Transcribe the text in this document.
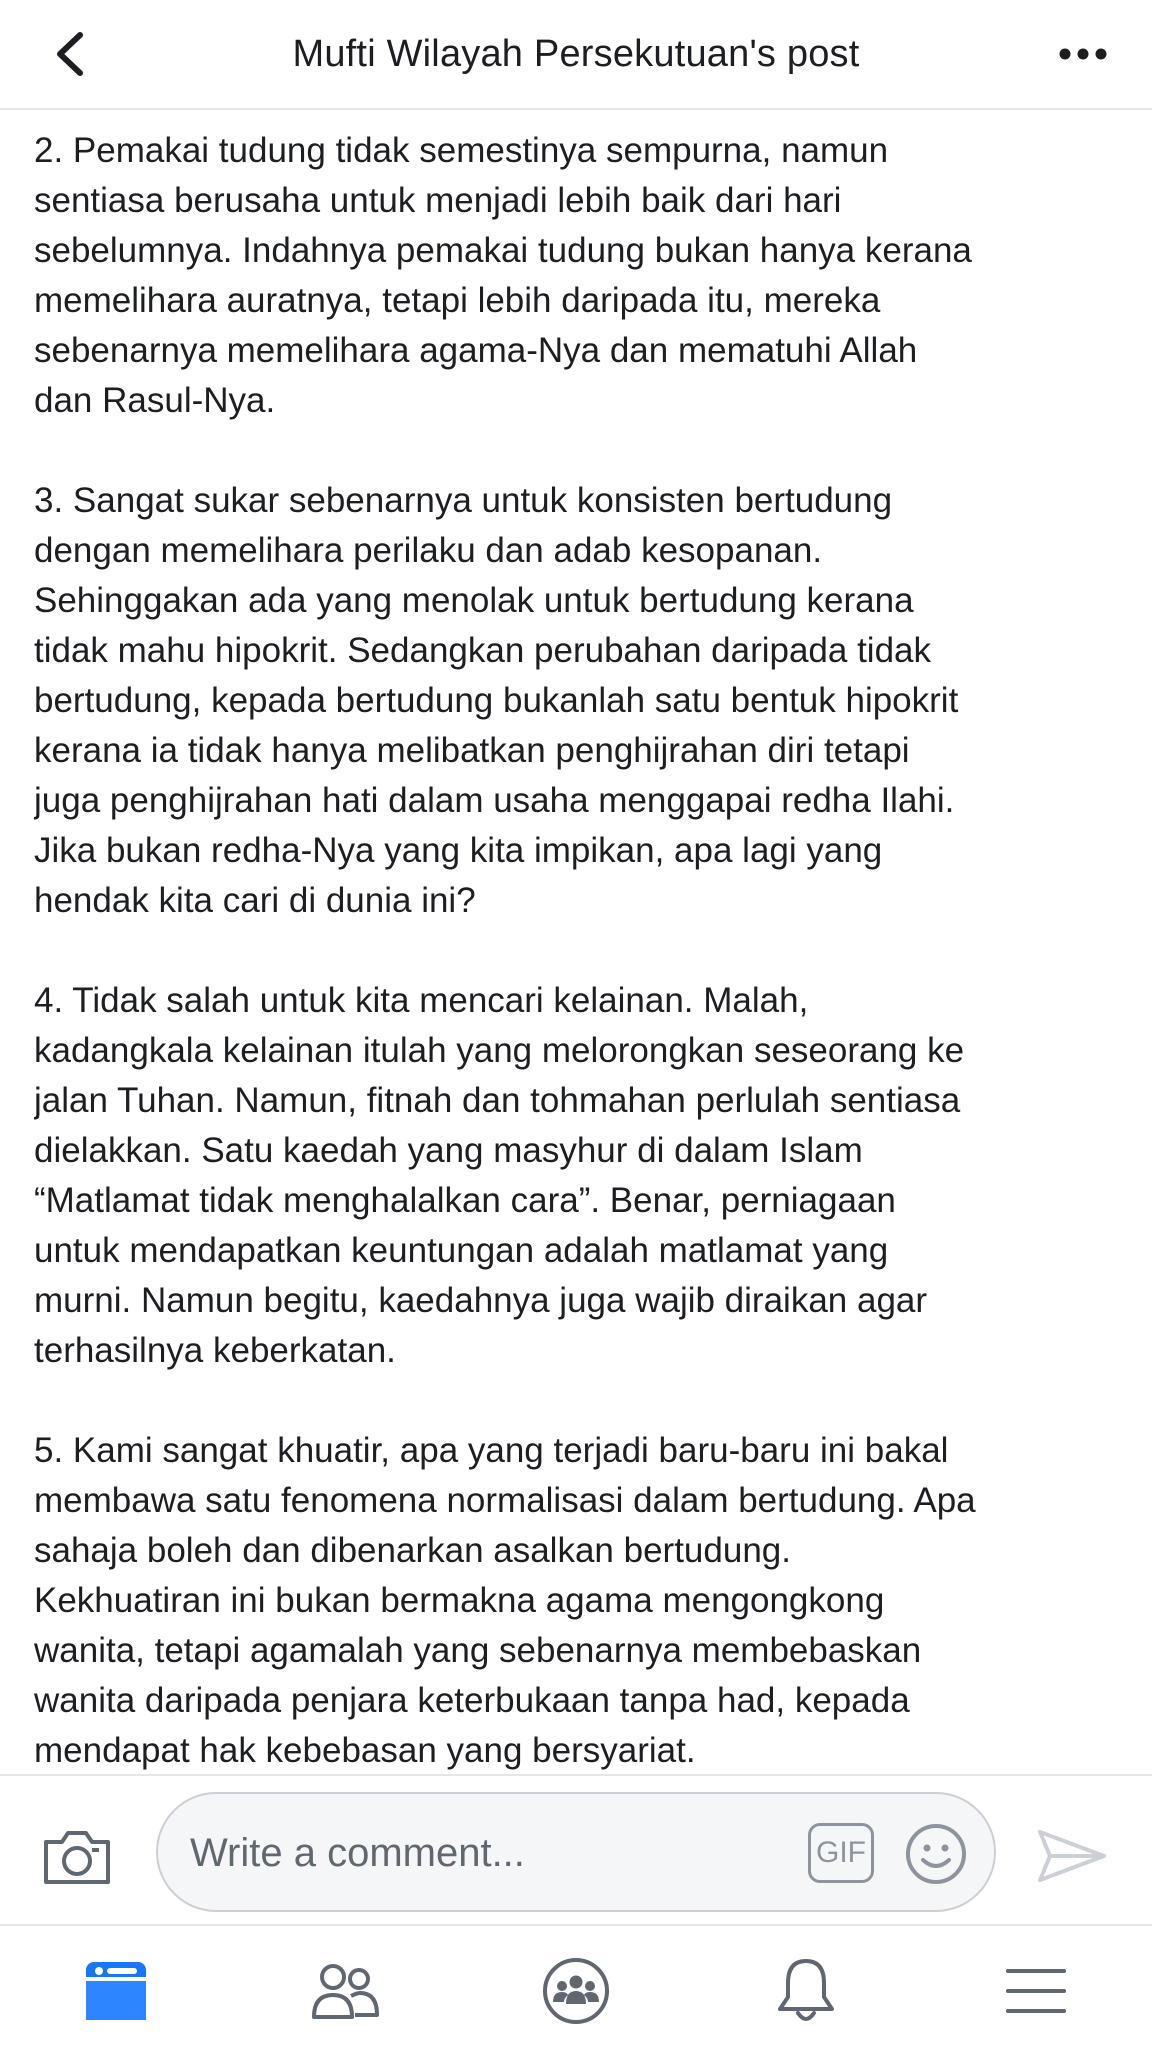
Mufti Wilayah Persekutuan's post

2. Pemakai tudung tidak semestinya sempurna, namun
sentiasa berusaha untuk menjadi lebih baik dari hari
sebelumnya. Indahnya pemakai tudung bukan hanya kerana
memelihara auratnya, tetapi lebih daripada itu, mereka
sebenarnya memelihara agama-Nya dan mematuhi Allah
dan Rasul-Nya.

3. Sangat sukar sebenarnya untuk konsisten bertudung
dengan memelihara perilaku dan adab kesopanan.
Sehinggakan ada yang menolak untuk bertudung kerana
tidak mahu hipokrit. Sedangkan perubahan daripada tidak
bertudung, kepada bertudung bukanlah satu bentuk hipokrit
kerana ia tidak hanya melibatkan penghijrahan diri tetapi
juga penghijrahan hati dalam usaha menggapai redha Ilahi.
Jika bukan redha-Nya yang kita impikan, apa lagi yang
hendak kita cari di dunia ini?

4. Tidak salah untuk kita mencari kelainan. Malah,
kadangkala kelainan itulah yang melorongkan seseorang ke
jalan Tuhan. Namun, fitnah dan tohmahan perlulah sentiasa
dielakkan. Satu kaedah yang masyhur di dalam Islam
“Matlamat tidak menghalalkan cara”. Benar, perniagaan
untuk mendapatkan keuntungan adalah matlamat yang
murni. Namun begitu, kaedahnya juga wajib diraikan agar
terhasilnya keberkatan.

5. Kami sangat khuatir, apa yang terjadi baru-baru ini bakal
membawa satu fenomena normalisasi dalam bertudung. Apa
sahaja boleh dan dibenarkan asalkan bertudung.
Kekhuatiran ini bukan bermakna agama mengongkong
wanita, tetapi agamalah yang sebenarnya membebaskan
wanita daripada penjara keterbukaan tanpa had, kepada
mendapat hak kebebasan yang bersyariat.

Write a comment...
GIF
